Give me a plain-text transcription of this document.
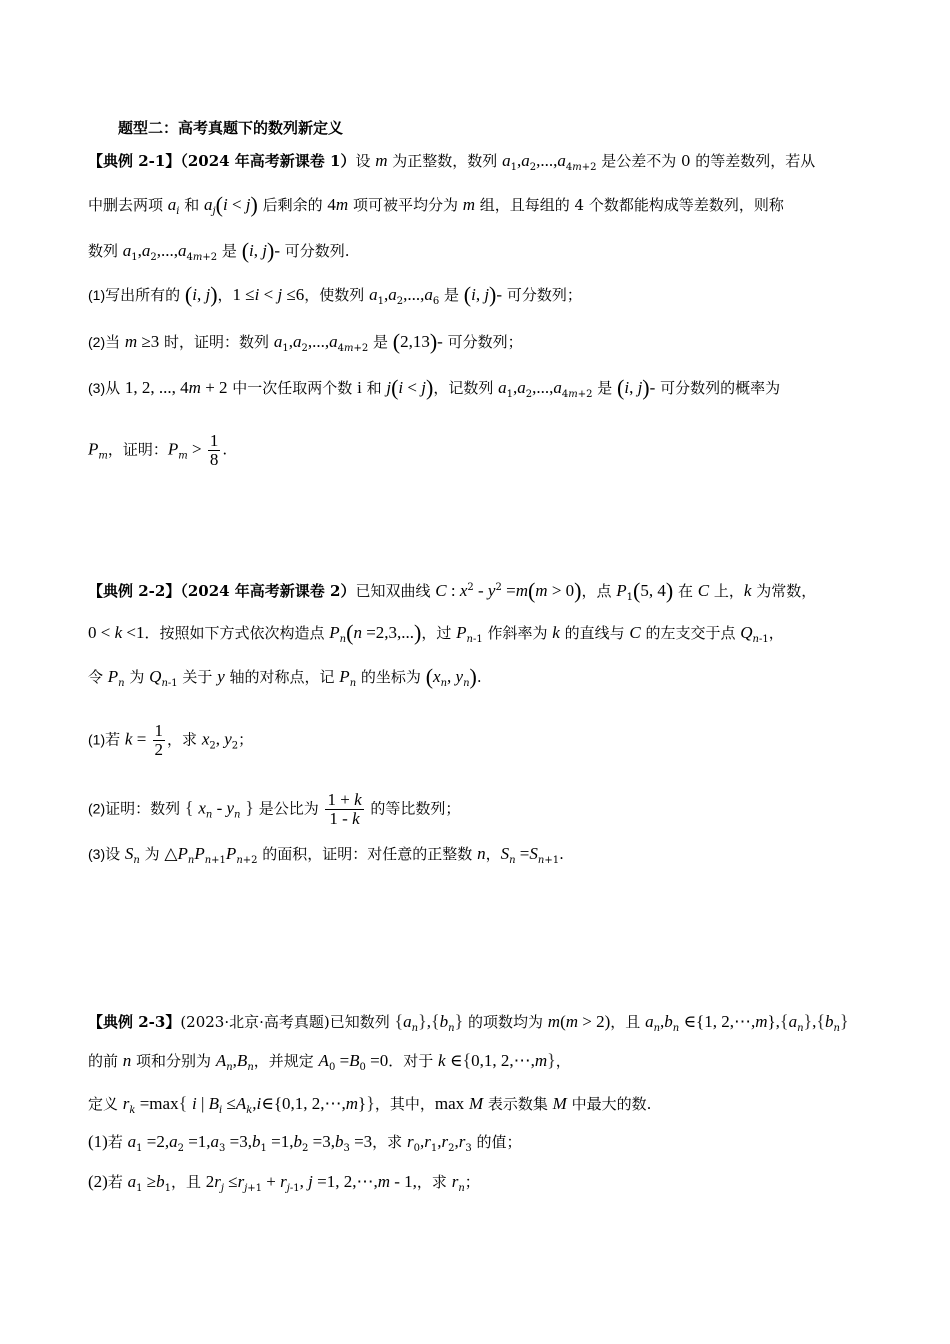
题型二：高考真题下的数列新定义
【典例 2-1】（2024 年高考新课卷 1）设 m 为正整数，数列 $a_1,a_2,...,a_{4m+2}$ 是公差不为 0 的等差数列，若从
中删去两项 $a_i$ 和 $a_j(i < j)$ 后剩余的 4m 项可被平均分为 m 组，且每组的 4 个数都能构成等差数列，则称
数列 $a_1,a_2,...,a_{4m+2}$ 是 (i, j)- 可分数列.
(1)写出所有的 (i, j)，1 ≤i < j ≤6，使数列 $a_1,a_2,...,a_6$ 是 (i, j)- 可分数列；
(2)当 m ≥3 时，证明：数列 $a_1,a_2,...,a_{4m+2}$ 是 (2,13)- 可分数列；
(3)从 1, 2, ..., 4m + 2 中一次任取两个数 i 和 j(i < j)，记数列 $a_1,a_2,...,a_{4m+2}$ 是 (i, j)- 可分数列的概率为
$P_m$，证明：$P_m > \frac{1}{8}$ .
【典例 2-2】（2024 年高考新课卷 2）已知双曲线 C : $x^2 - y^2 =m(m > 0)$，点 $P_1(5$, 4) 在 C 上，k 为常数，
0 < k <1．按照如下方式依次构造点 $P_n(n =2,3,...)$，过 $P_{n-1}$ 作斜率为 k 的直线与 C 的左支交于点 $Q_{n-1}$，
令 $P_n$ 为 $Q_{n-1}$ 关于 y 轴的对称点，记 $P_n$ 的坐标为 ($x_n$, $y_n$).
(1)若 $k = \frac{1}{2}$ ，求 $x_2$, $y_2$；
(2)证明：数列 { $x_n - y_n$ } 是公比为 $\frac{1 + k}{1 - k}$ 的等比数列；
(3)设 $S_n$ 为 $\triangle P_nP_{n+1}P_{n+2}$ 的面积，证明：对任意的正整数 n，$S_n =S_{n+1}$.
【典例 2-3】(2023·北京·高考真题)已知数列 $\{a_n\},\{b_n\}$ 的项数均为 m(m > 2)，且 $a_n,b_n$ ∈{1, $2,\cdots,m\},\{a_n\},\{b_n\}$
的前 n 项和分别为 $A_n,B_n$，并规定 $A_0 =B_0 =0$．对于 k ∈{0,1, 2,⋯,m}，
定义 $r_k =\max${ i | $B_i$ $\le A_k,i\in\{0,1$, 2,⋯,m}}，其中，max M 表示数集 M 中最大的数.
(1)若 $a_1 =2,a_2 =1,a_3 =3,b_1 =1,b_2 =3,b_3 =3$，求 $r_0,r_1,r_2,r_3$ 的值；
(2)若 $a_1 \ge b_1$，且 $2r_j \le r_{j+1} + r_{j-1}$, j =1, 2,⋯,m - 1,，求 $r_n$；
